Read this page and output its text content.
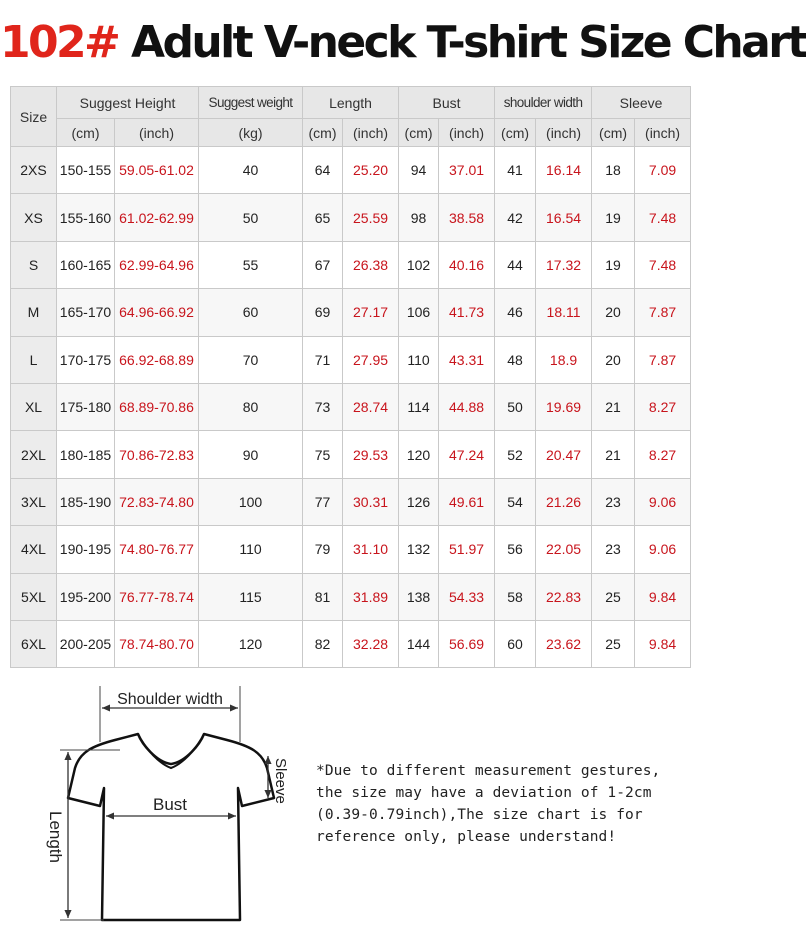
102# Adult V-neck T-shirt Size Chart
Size	Suggest Height		Suggest weight	Length		Bust		shoulder width		Sleeve	
	(cm)	(inch)	(kg)	(cm)	(inch)	(cm)	(inch)	(cm)	(inch)	(cm)	(inch)
2XS	150-155	59.05-61.02	40	64	25.20	94	37.01	41	16.14	18	7.09
XS	155-160	61.02-62.99	50	65	25.59	98	38.58	42	16.54	19	7.48
S	160-165	62.99-64.96	55	67	26.38	102	40.16	44	17.32	19	7.48
M	165-170	64.96-66.92	60	69	27.17	106	41.73	46	18.11	20	7.87
L	170-175	66.92-68.89	70	71	27.95	110	43.31	48	18.9	20	7.87
XL	175-180	68.89-70.86	80	73	28.74	114	44.88	50	19.69	21	8.27
2XL	180-185	70.86-72.83	90	75	29.53	120	47.24	52	20.47	21	8.27
3XL	185-190	72.83-74.80	100	77	30.31	126	49.61	54	21.26	23	9.06
4XL	190-195	74.80-76.77	110	79	31.10	132	51.97	56	22.05	23	9.06
5XL	195-200	76.77-78.74	115	81	31.89	138	54.33	58	22.83	25	9.84
6XL	200-205	78.74-80.70	120	82	32.28	144	56.69	60	23.62	25	9.84
Shoulder width
Bust
Sleeve
Length
*Due to different measurement gestures, the size may have a deviation of 1-2cm (0.39-0.79inch),The size chart is for reference only, please understand!
